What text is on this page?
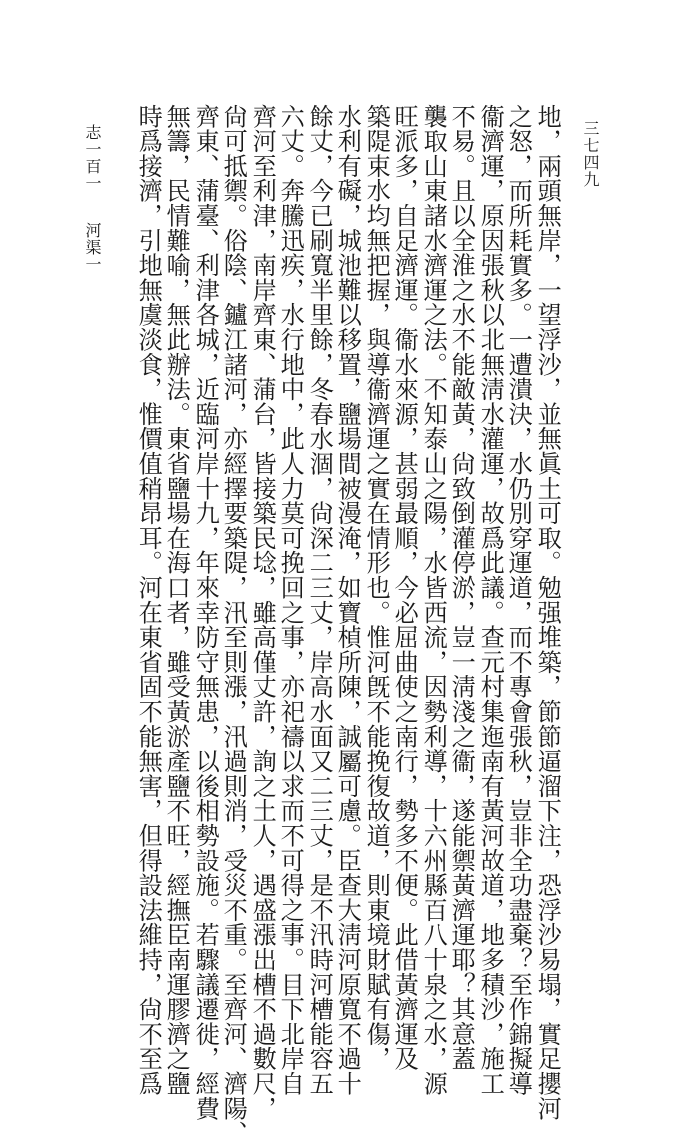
地，兩頭無岸，一望浮沙，並無眞土可取。勉强堆築，節節逼溜下注，恐浮沙易塌，實足攖河
之怒，而所耗實多。一遭潰決，水仍別穿運道，而不專會張秋，豈非全功盡棄？至作錦擬導
衞濟運，原因張秋以北無淸水灌運，故爲此議。查元村集迤南有黃河故道，地多積沙，施工
不易。且以全淮之水不能敵黃，尙致倒灌停淤，豈一淸淺之衞，遂能禦黃濟運耶？其意蓋
襲取山東諸水濟運之法。不知泰山之陽，水皆西流，因勢利導，十六州縣百八十泉之水，源
旺派多，自足濟運。衞水來源，甚弱最順，今必屈曲使之南行，勢多不便。此借黃濟運及
築隄束水均無把握，與導衞濟運之實在情形也。惟河旣不能挽復故道，則東境財賦有傷，
水利有礙，城池難以移置，鹽場間被漫淹，如寶楨所陳，誠屬可慮。臣查大淸河原寬不過十
餘丈，今已刷寬半里餘，冬春水涸，尙深二三丈，岸高水面又二三丈，是不汛時河槽能容五
六丈。奔騰迅疾，水行地中，此人力莫可挽回之事，亦祀禱以求而不可得之事。目下北岸自
齊河至利津，南岸齊東、蒲台，皆接築民埝，雖高僅丈許，詢之土人，遇盛漲出槽不過數尺，
尙可抵禦。俗陰、鑪江諸河，亦經擇要築隄，汛至則漲，汛過則消，受災不重。至齊河、濟陽、
齊東、蒲臺、利津各城，近臨河岸十九，年來幸防守無患，以後相勢設施。若驟議遷徙，經費
無籌，民情難喻，無此辦法。東省鹽場在海口者，雖受黃淤產鹽不旺，經撫臣南運膠濟之鹽
時爲接濟，引地無虞淡食，惟價值稍昂耳。河在東省固不能無害，但得設法維持，尙不至爲
志一百一
河渠一
三七四九
